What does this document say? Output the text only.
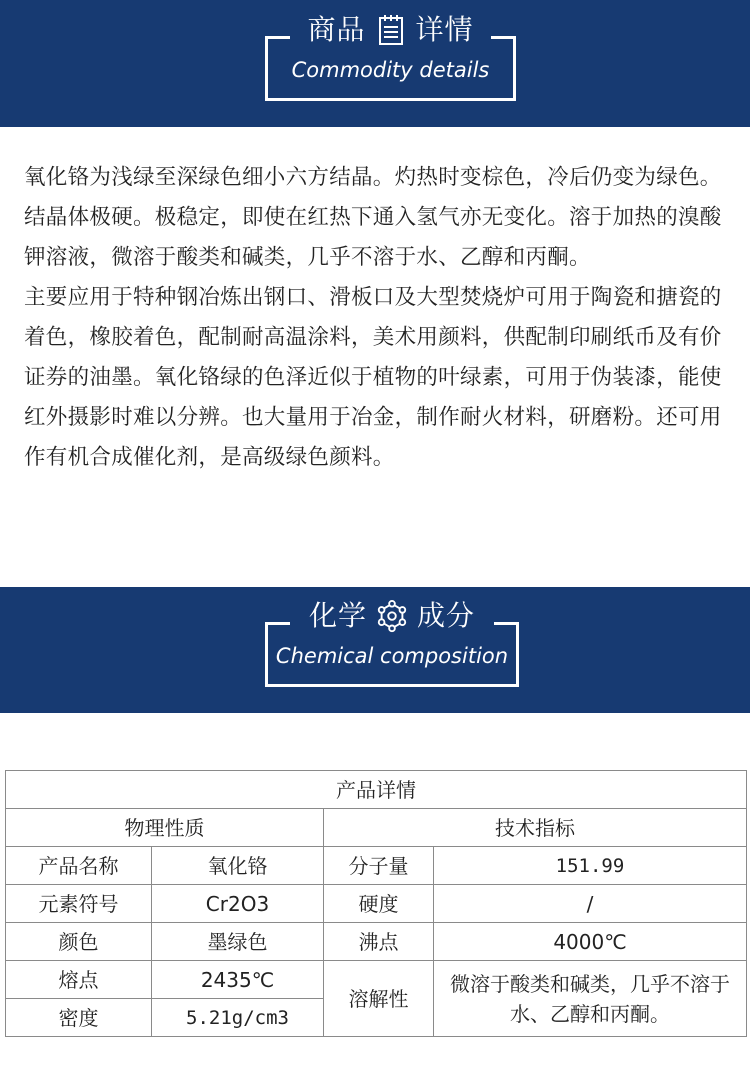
商品 详情
Commodity details

氧化铬为浅绿至深绿色细小六方结晶。灼热时变棕色，冷后仍变为绿色。结晶体极硬。极稳定，即使在红热下通入氢气亦无变化。溶于加热的溴酸钾溶液，微溶于酸类和碱类，几乎不溶于水、乙醇和丙酮。

主要应用于特种钢冶炼出钢口、滑板口及大型焚烧炉可用于陶瓷和搪瓷的着色，橡胶着色，配制耐高温涂料，美术用颜料，供配制印刷纸币及有价证券的油墨。氧化铬绿的色泽近似于植物的叶绿素，可用于伪装漆，能使红外摄影时难以分辨。也大量用于冶金，制作耐火材料，研磨粉。还可用作有机合成催化剂，是高级绿色颜料。

化学 成分
Chemical composition
产品详情			
物理性质		技术指标	
产品名称	氧化铬	分子量	151.99
元素符号	Cr2O3	硬度	/
颜色	墨绿色	沸点	4000℃
熔点	2435℃	溶解性	微溶于酸类和碱类，几乎不溶于水、乙醇和丙酮。
密度	5.21g/cm3		
